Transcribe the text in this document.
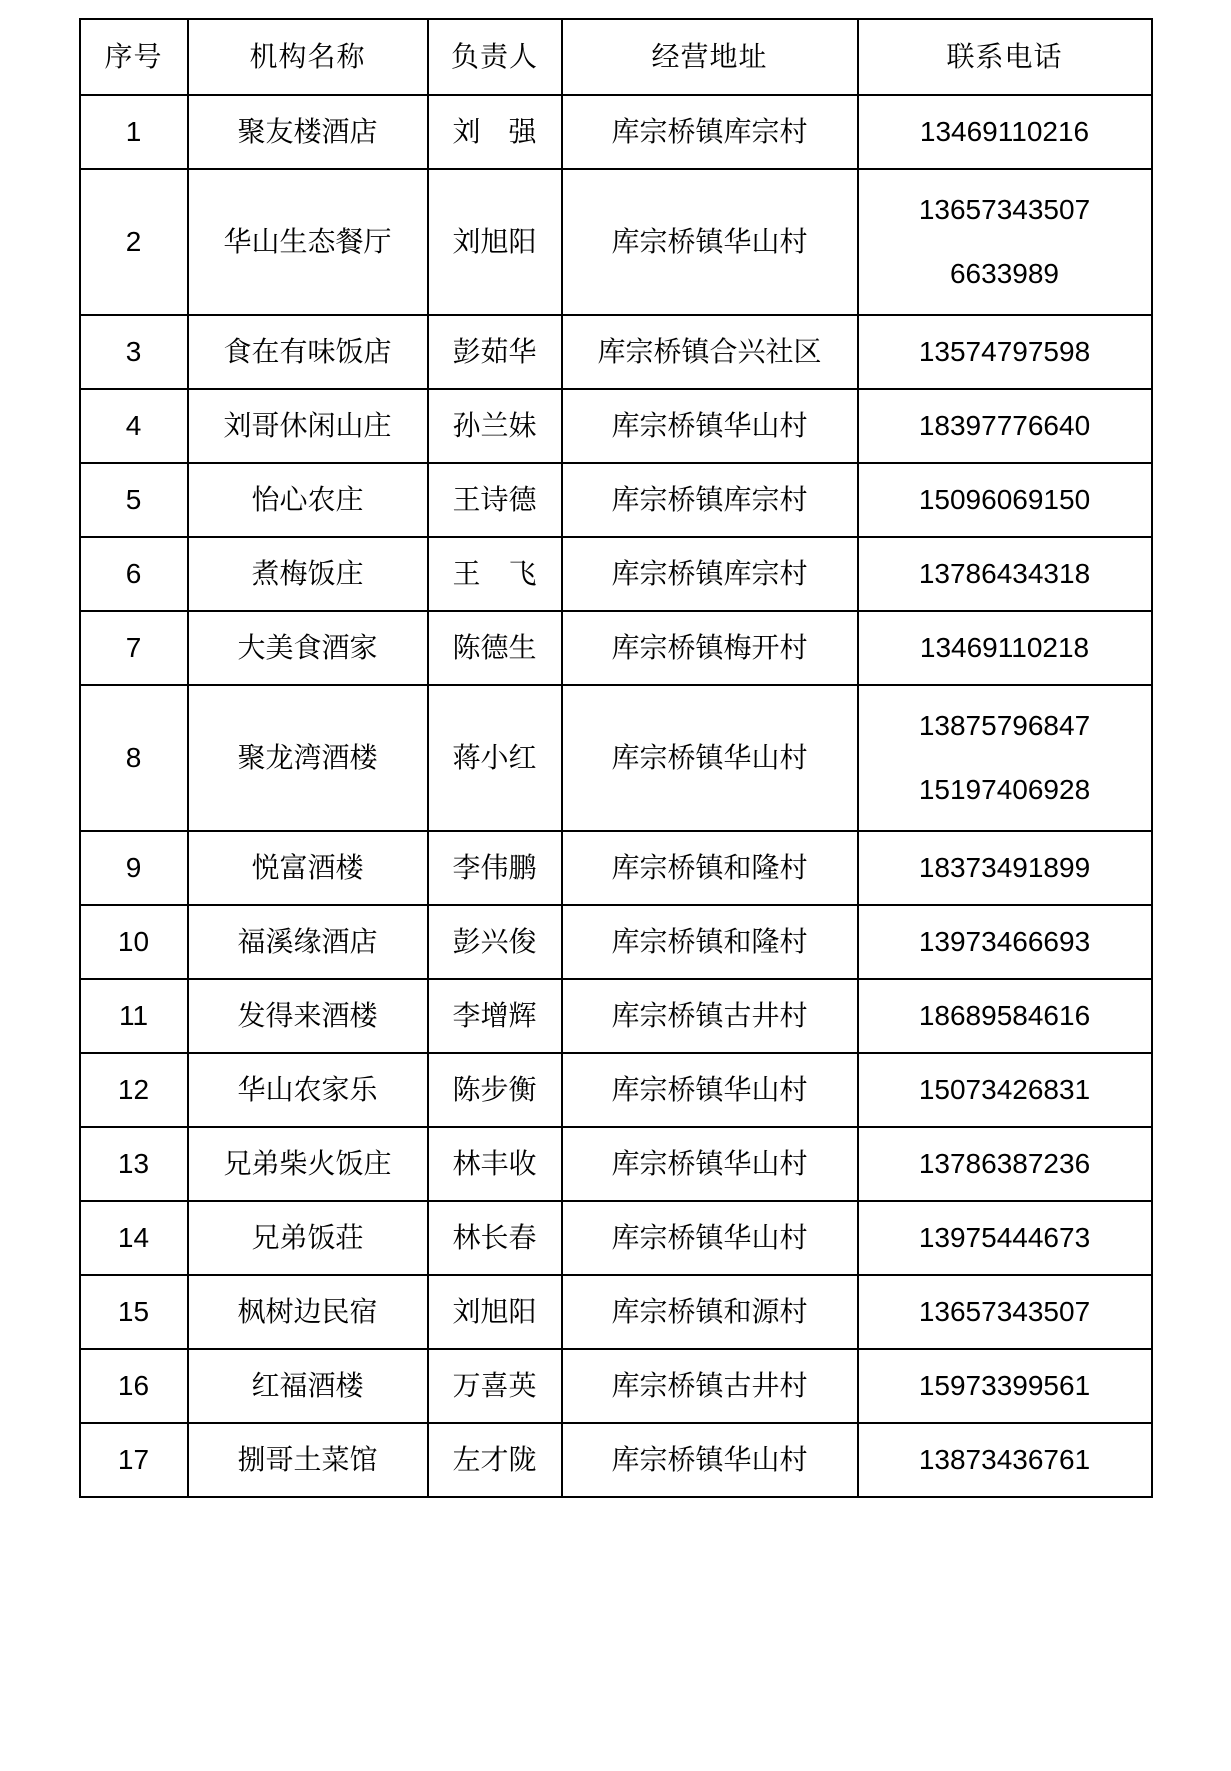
序号	机构名称	负责人	经营地址	联系电话
1	聚友楼酒店	刘　强	库宗桥镇库宗村	13469110216

2	华山生态餐厅	刘旭阳	库宗桥镇华山村	13657343507
6633989

3	食在有味饭店	彭茹华	库宗桥镇合兴社区	13574797598

4	刘哥休闲山庄	孙兰妹	库宗桥镇华山村	18397776640

5	怡心农庄	王诗德	库宗桥镇库宗村	15096069150

6	煮梅饭庄	王　飞	库宗桥镇库宗村	13786434318

7	大美食酒家	陈德生	库宗桥镇梅开村	13469110218

8	聚龙湾酒楼	蒋小红	库宗桥镇华山村	13875796847
15197406928

9	悦富酒楼	李伟鹏	库宗桥镇和隆村	18373491899

10	福溪缘酒店	彭兴俊	库宗桥镇和隆村	13973466693

11	发得来酒楼	李增辉	库宗桥镇古井村	18689584616

12	华山农家乐	陈步衡	库宗桥镇华山村	15073426831

13	兄弟柴火饭庄	林丰收	库宗桥镇华山村	13786387236

14	兄弟饭荘	林长春	库宗桥镇华山村	13975444673

15	枫树边民宿	刘旭阳	库宗桥镇和源村	13657343507

16	红福酒楼	万喜英	库宗桥镇古井村	15973399561

17	捌哥土菜馆	左才陇	库宗桥镇华山村	13873436761
